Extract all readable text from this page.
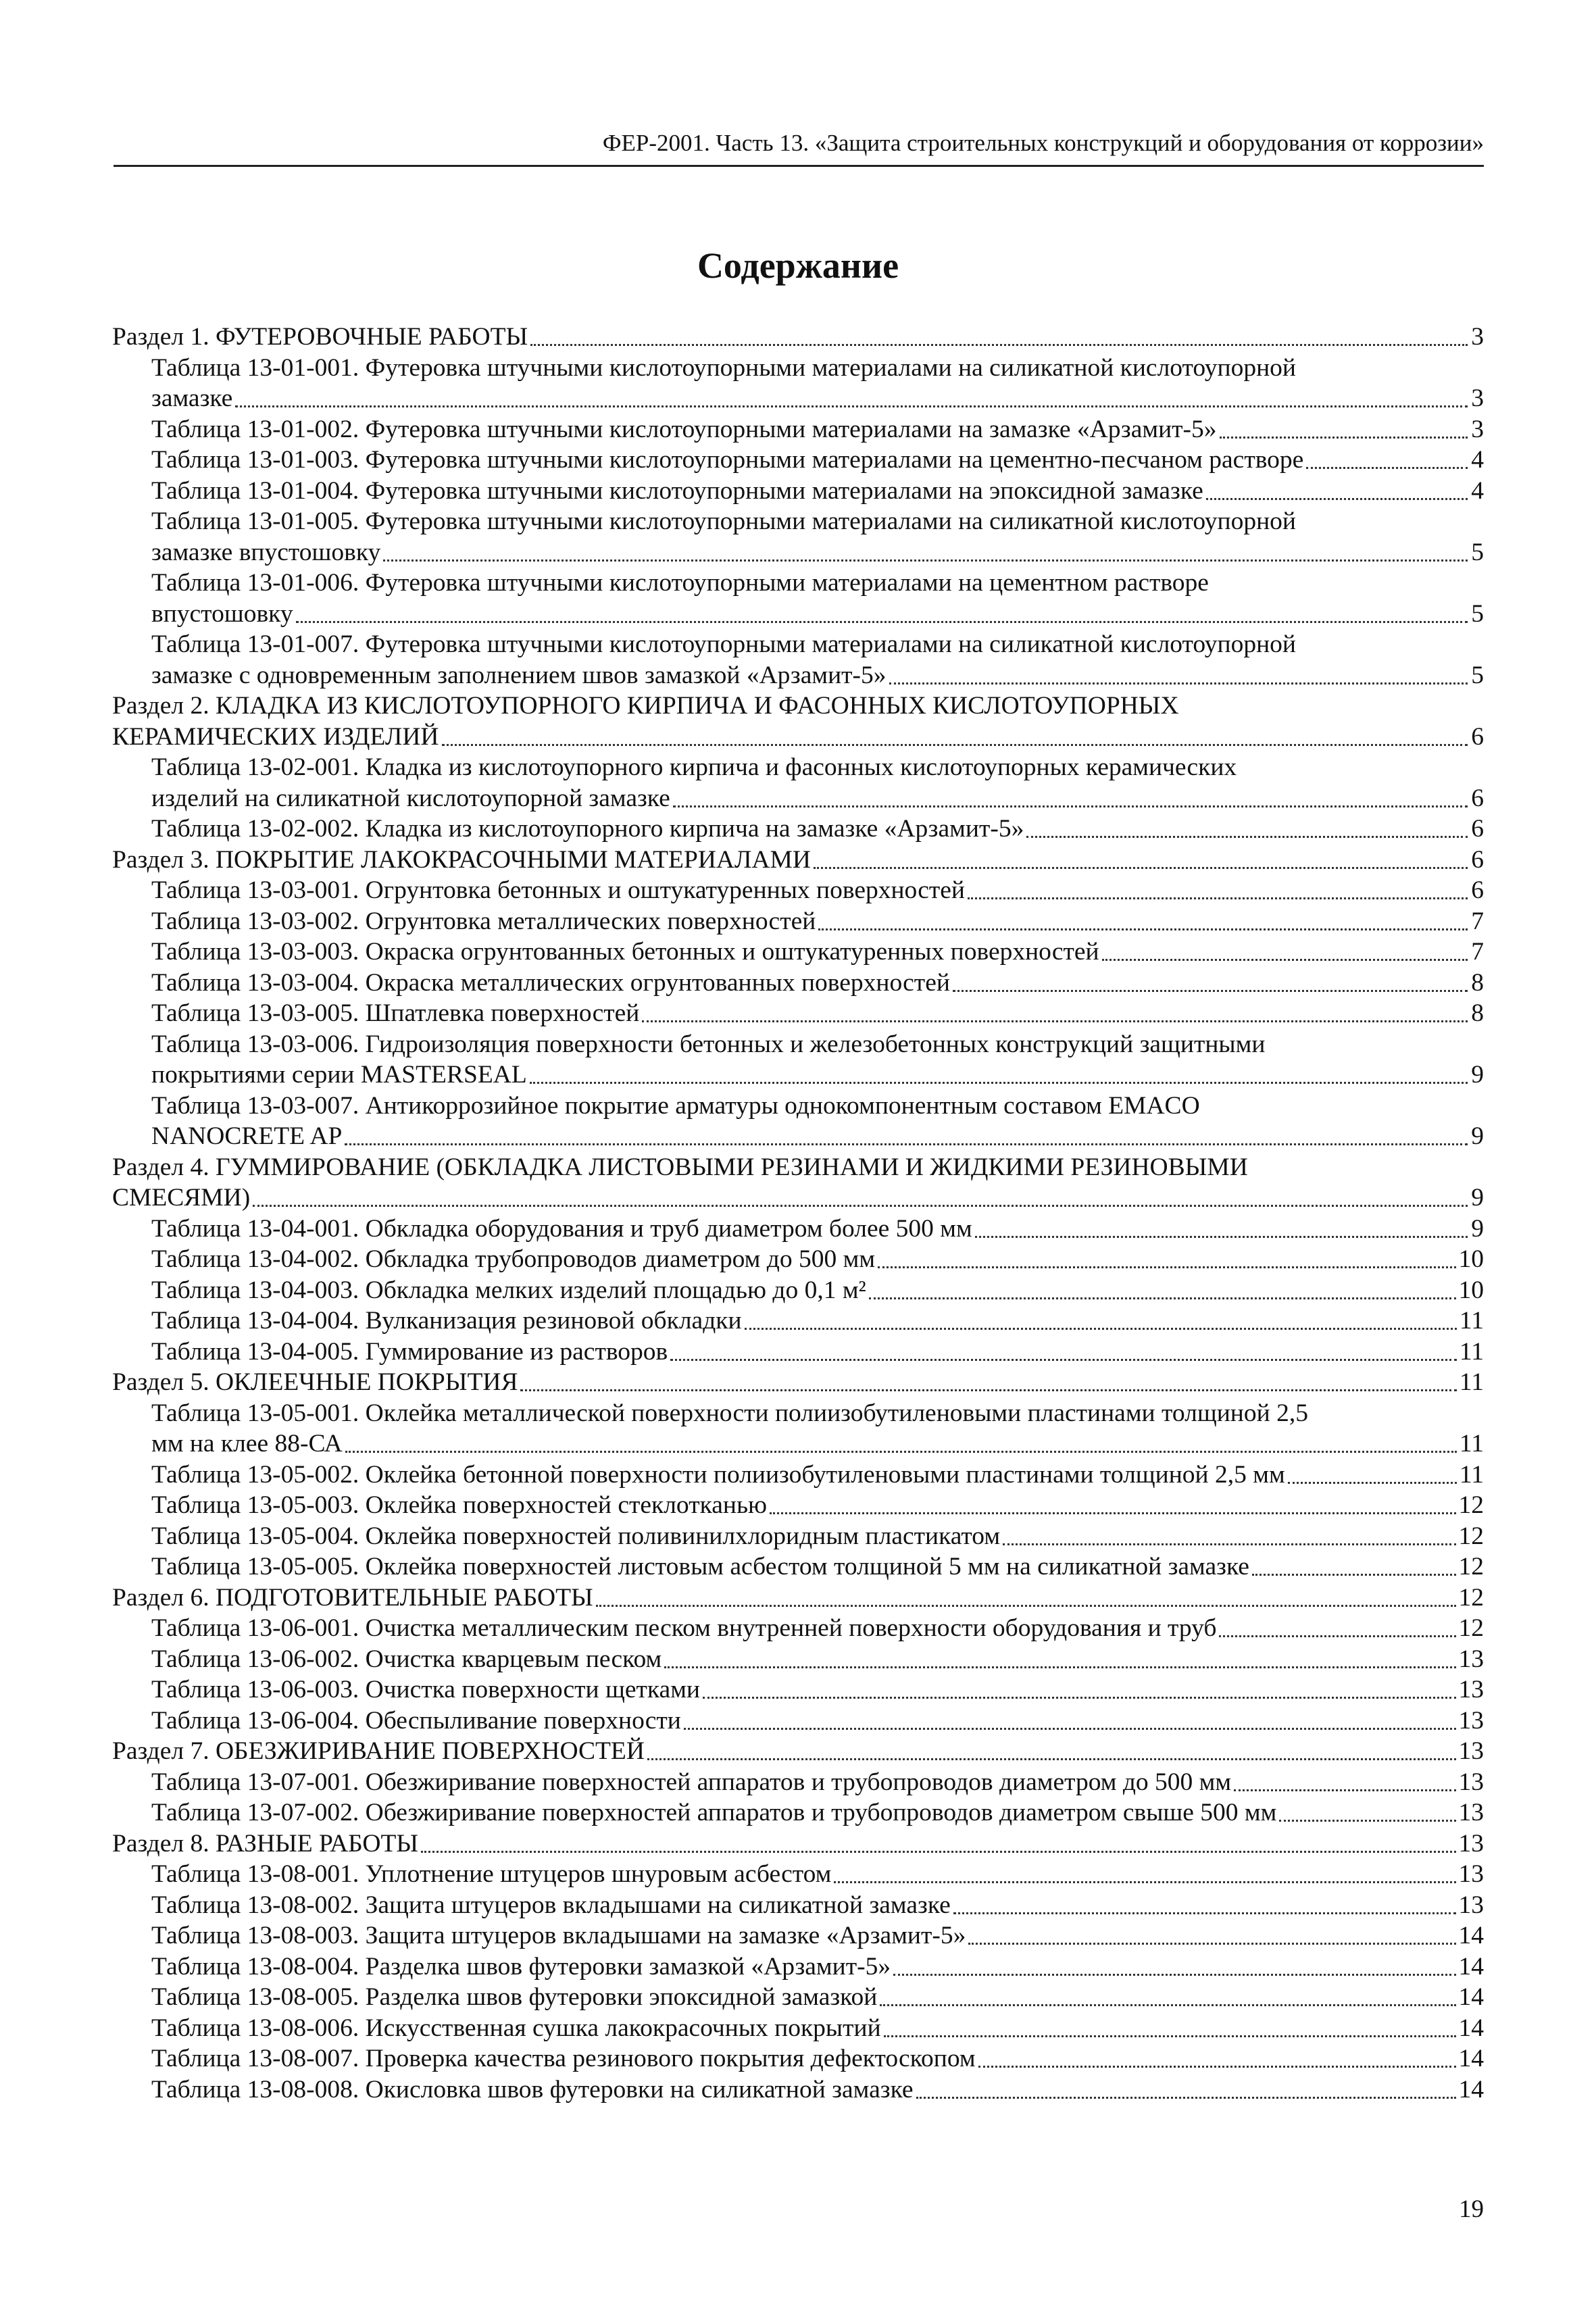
ФЕР-2001. Часть 13. «Защита строительных конструкций и оборудования от коррозии»
Содержание
Раздел 1. ФУТЕРОВОЧНЫЕ РАБОТЫ	3
Таблица 13-01-001. Футеровка штучными кислотоупорными материалами на силикатной кислотоупорной
замазке	3
Таблица 13-01-002. Футеровка штучными кислотоупорными материалами на замазке «Арзамит-5»	3
Таблица 13-01-003. Футеровка штучными кислотоупорными материалами на цементно-песчаном растворе	4
Таблица 13-01-004. Футеровка штучными кислотоупорными материалами на эпоксидной замазке	4
Таблица 13-01-005. Футеровка штучными кислотоупорными материалами на силикатной кислотоупорной
замазке впустошовку	5
Таблица 13-01-006. Футеровка штучными кислотоупорными материалами на цементном растворе
впустошовку	5
Таблица 13-01-007. Футеровка штучными кислотоупорными материалами на силикатной кислотоупорной
замазке с одновременным заполнением швов замазкой «Арзамит-5»	5
Раздел 2. КЛАДКА ИЗ КИСЛОТОУПОРНОГО КИРПИЧА И ФАСОННЫХ КИСЛОТОУПОРНЫХ
КЕРАМИЧЕСКИХ ИЗДЕЛИЙ	6
Таблица 13-02-001. Кладка из кислотоупорного кирпича и фасонных кислотоупорных керамических
изделий на силикатной кислотоупорной замазке	6
Таблица 13-02-002. Кладка из кислотоупорного кирпича на замазке «Арзамит-5»	6
Раздел 3. ПОКРЫТИЕ ЛАКОКРАСОЧНЫМИ МАТЕРИАЛАМИ	6
Таблица 13-03-001. Огрунтовка бетонных и оштукатуренных поверхностей	6
Таблица 13-03-002. Огрунтовка металлических поверхностей	7
Таблица 13-03-003. Окраска огрунтованных бетонных и оштукатуренных поверхностей	7
Таблица 13-03-004. Окраска металлических огрунтованных поверхностей	8
Таблица 13-03-005. Шпатлевка поверхностей	8
Таблица 13-03-006. Гидроизоляция поверхности бетонных и железобетонных конструкций защитными
покрытиями серии MASTERSEAL	9
Таблица 13-03-007. Антикоррозийное покрытие арматуры однокомпонентным составом EMACO
NANOCRETE AP	9
Раздел 4. ГУММИРОВАНИЕ (ОБКЛАДКА ЛИСТОВЫМИ РЕЗИНАМИ И ЖИДКИМИ РЕЗИНОВЫМИ
СМЕСЯМИ)	9
Таблица 13-04-001. Обкладка оборудования и труб диаметром более 500 мм	9
Таблица 13-04-002. Обкладка трубопроводов диаметром до 500 мм	10
Таблица 13-04-003. Обкладка мелких изделий площадью до 0,1 м²	10
Таблица 13-04-004. Вулканизация резиновой обкладки	11
Таблица 13-04-005. Гуммирование из растворов	11
Раздел 5. ОКЛЕЕЧНЫЕ ПОКРЫТИЯ	11
Таблица 13-05-001. Оклейка металлической поверхности полиизобутиленовыми пластинами толщиной 2,5
мм на клее 88-СА	11
Таблица 13-05-002. Оклейка бетонной поверхности полиизобутиленовыми пластинами толщиной 2,5 мм	11
Таблица 13-05-003. Оклейка поверхностей стеклотканью	12
Таблица 13-05-004. Оклейка поверхностей поливинилхлоридным пластикатом	12
Таблица 13-05-005. Оклейка поверхностей листовым асбестом толщиной 5 мм на силикатной замазке	12
Раздел 6. ПОДГОТОВИТЕЛЬНЫЕ РАБОТЫ	12
Таблица 13-06-001. Очистка металлическим песком внутренней поверхности оборудования и труб	12
Таблица 13-06-002. Очистка кварцевым песком	13
Таблица 13-06-003. Очистка поверхности щетками	13
Таблица 13-06-004. Обеспыливание поверхности	13
Раздел 7. ОБЕЗЖИРИВАНИЕ ПОВЕРХНОСТЕЙ	13
Таблица 13-07-001. Обезжиривание поверхностей аппаратов и трубопроводов диаметром до 500 мм	13
Таблица 13-07-002. Обезжиривание поверхностей аппаратов и трубопроводов диаметром свыше 500 мм	13
Раздел 8. РАЗНЫЕ РАБОТЫ	13
Таблица 13-08-001. Уплотнение штуцеров шнуровым асбестом	13
Таблица 13-08-002. Защита штуцеров вкладышами на силикатной замазке	13
Таблица 13-08-003. Защита штуцеров вкладышами на замазке «Арзамит-5»	14
Таблица 13-08-004. Разделка швов футеровки замазкой «Арзамит-5»	14
Таблица 13-08-005. Разделка швов футеровки эпоксидной замазкой	14
Таблица 13-08-006. Искусственная сушка лакокрасочных покрытий	14
Таблица 13-08-007. Проверка качества резинового покрытия дефектоскопом	14
Таблица 13-08-008. Окисловка швов футеровки на силикатной замазке	14
19
